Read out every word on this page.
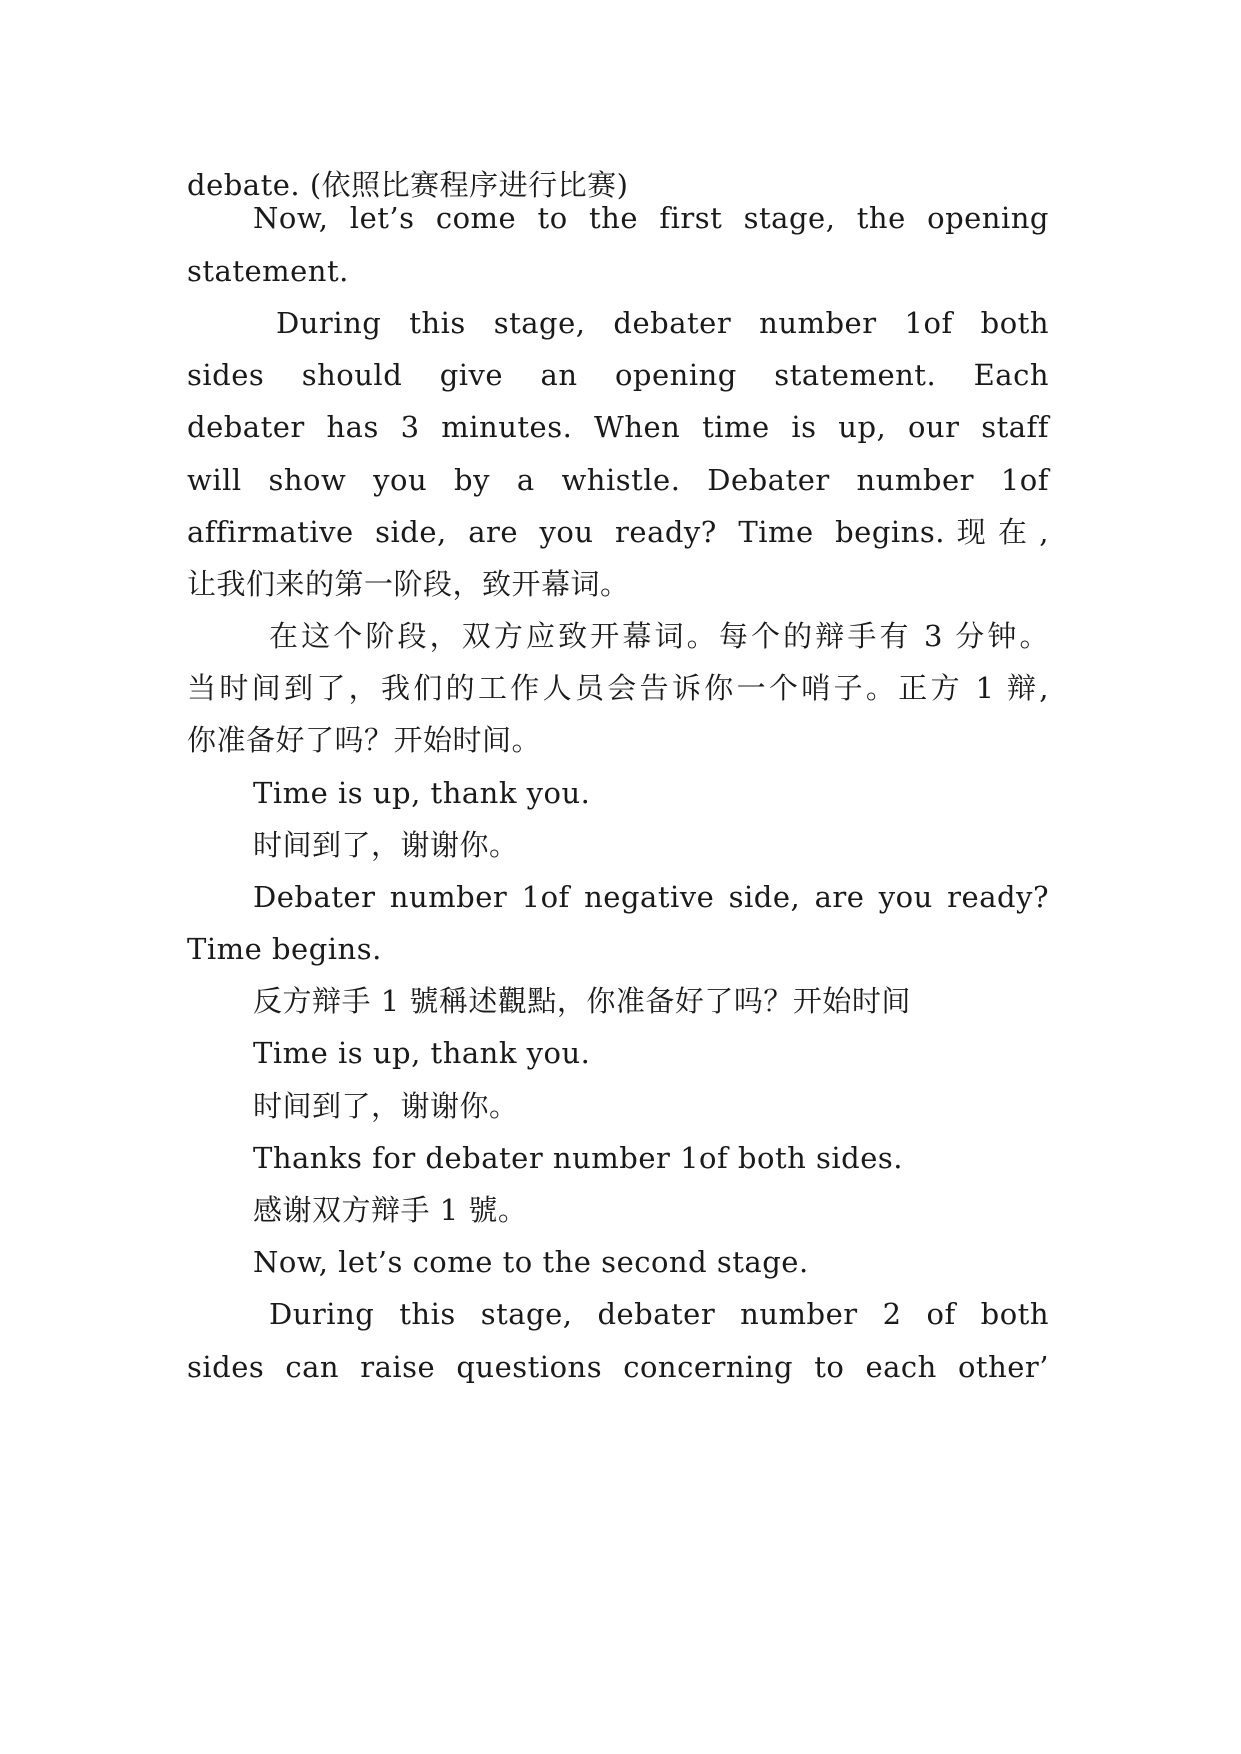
debate. (依照比赛程序进行比赛)

Now, let’s come to the first stage, the opening

statement.

During this stage, debater number 1of both

sides should give an opening statement. Each

debater has 3 minutes. When time is up, our staff

will show you by a whistle. Debater number 1of

affirmative side, are you ready? Time begins.现在,

让我们来的第一阶段，致开幕词。

在这个阶段，双方应致开幕词。每个的辩手有 3 分钟。

当时间到了，我们的工作人员会告诉你一个哨子。正方 1 辩,

你准备好了吗？开始时间。

Time is up, thank you.

时间到了，谢谢你。

Debater number 1of negative side, are you ready?

Time begins.

反方辩手 1 號稱述觀點，你准备好了吗？开始时间

Time is up, thank you.

时间到了，谢谢你。

Thanks for debater number 1of both sides.

感谢双方辩手 1 號。

Now, let’s come to the second stage.

During this stage, debater number 2 of both

sides can raise questions concerning to each other’
